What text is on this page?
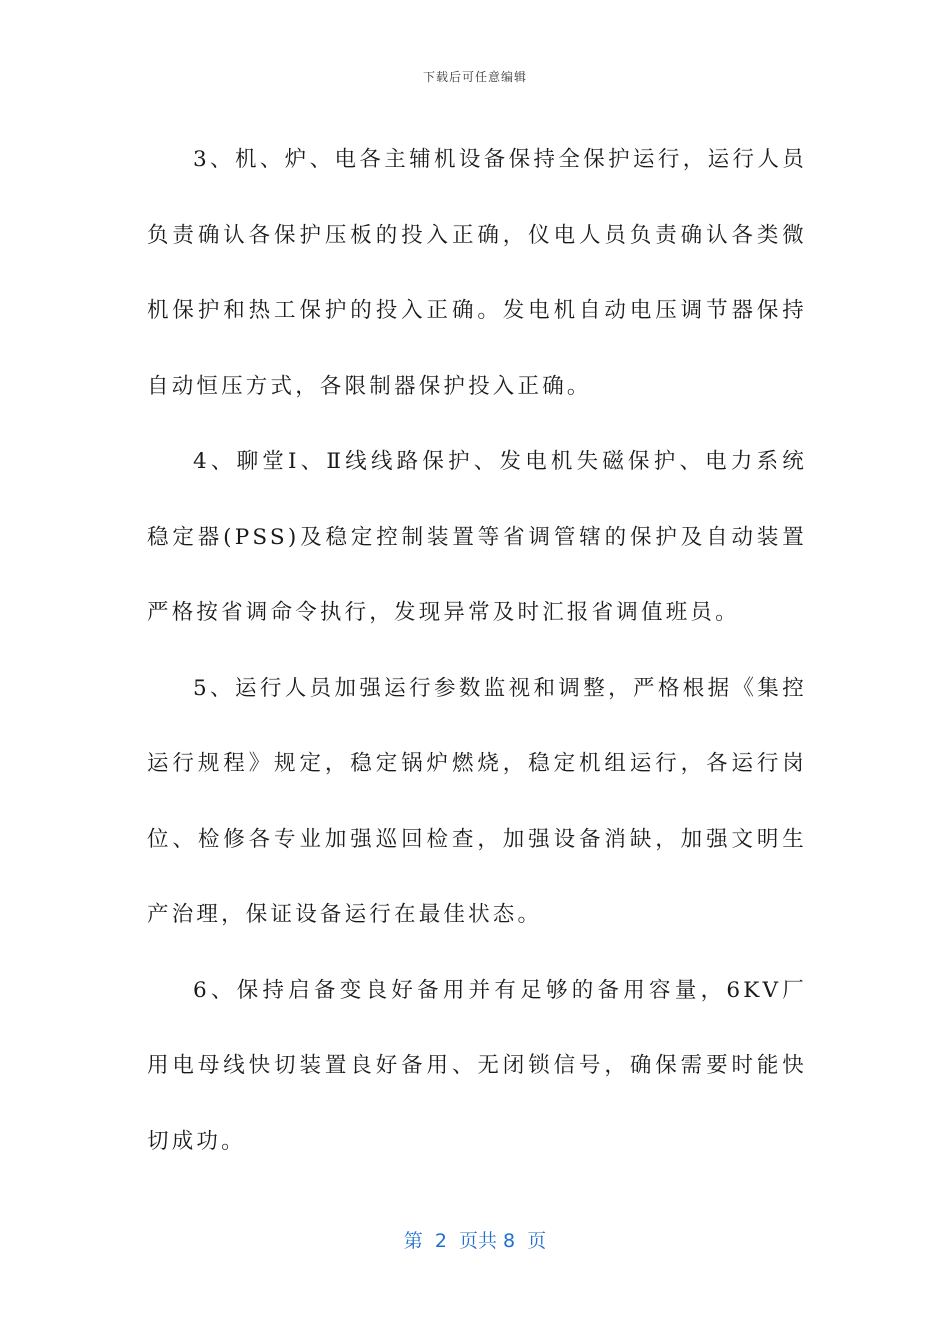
下载后可任意编辑

3、机、炉、电各主辅机设备保持全保护运行，运行人员负责确认各保护压板的投入正确，仪电人员负责确认各类微机保护和热工保护的投入正确。发电机自动电压调节器保持自动恒压方式，各限制器保护投入正确。

4、聊堂Ⅰ、Ⅱ线线路保护、发电机失磁保护、电力系统稳定器(PSS)及稳定控制装置等省调管辖的保护及自动装置严格按省调命令执行，发现异常及时汇报省调值班员。

5、运行人员加强运行参数监视和调整，严格根据《集控运行规程》规定，稳定锅炉燃烧，稳定机组运行，各运行岗位、检修各专业加强巡回检查，加强设备消缺，加强文明生产治理，保证设备运行在最佳状态。

6、保持启备变良好备用并有足够的备用容量，6KV厂用电母线快切装置良好备用、无闭锁信号，确保需要时能快切成功。

第  2  页共 8  页
